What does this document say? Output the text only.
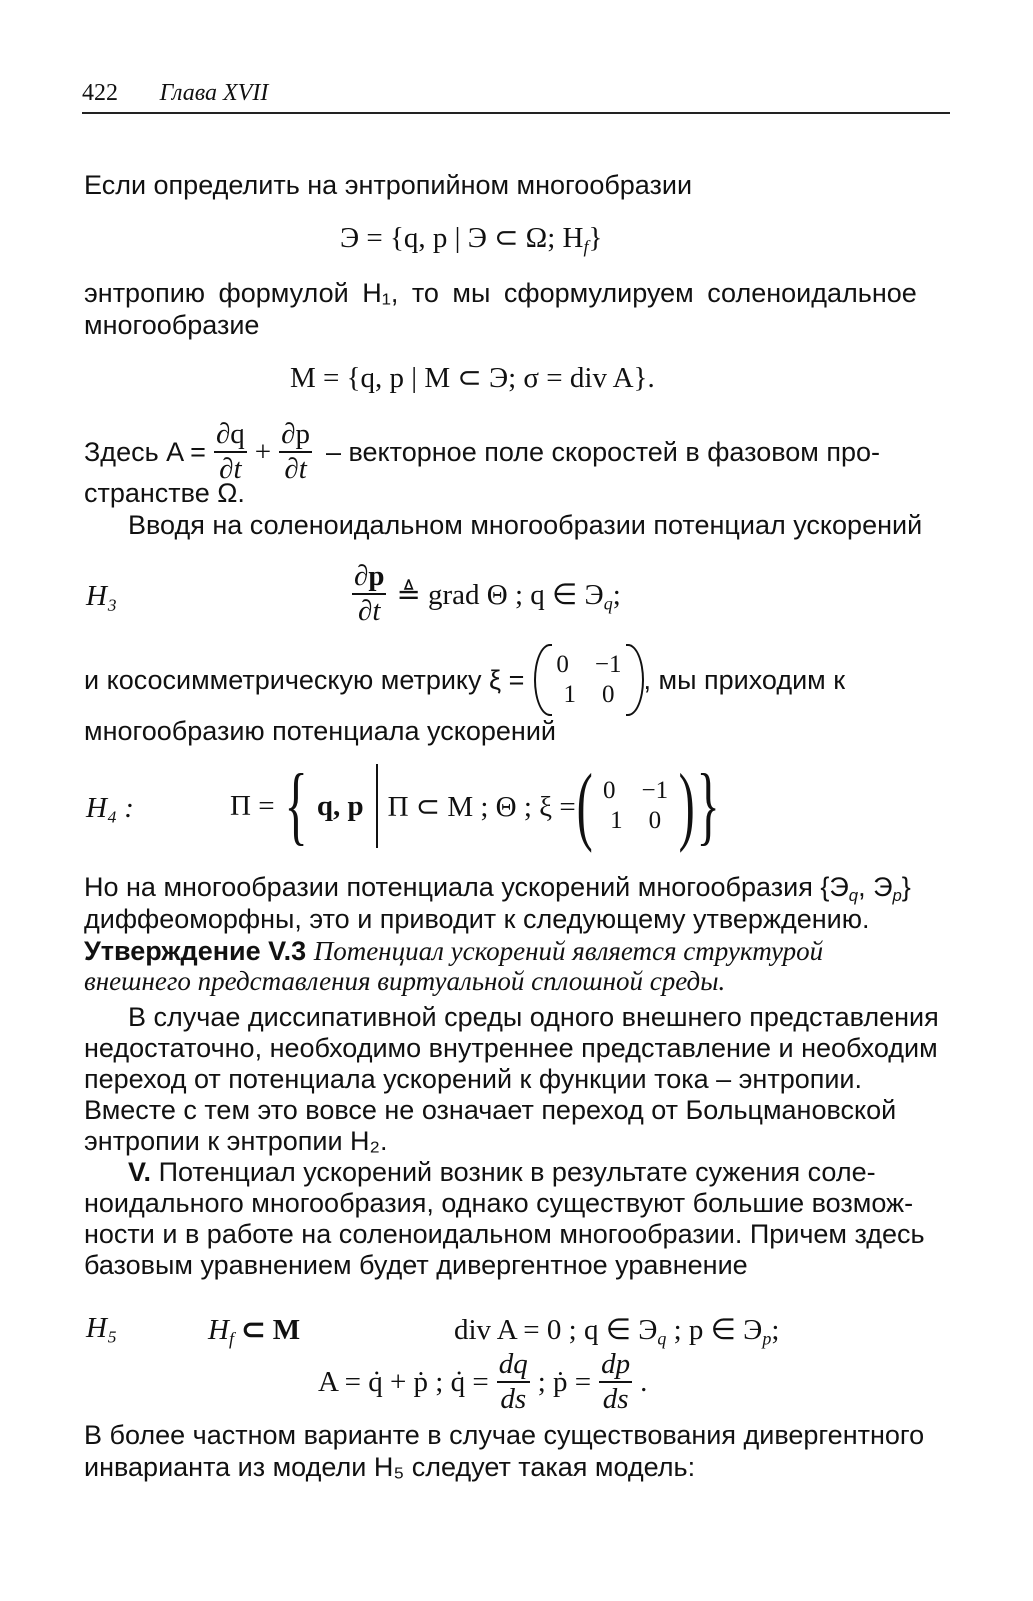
422 Глава XVII
Если определить на энтропийном многообразии
Э = {q, p | Э ⊂ Ω; $H_f$}
энтропию формулой H₁, то мы сформулируем соленоидальное
многообразие
M = {q, p | M ⊂ Э; σ = div A}.
Здесь $A = \frac{\partial q}{\partial t} + \frac{\partial p}{\partial t}$ – векторное поле скоростей в фазовом про-
странстве Ω.
Вводя на соленоидальном многообразии потенциал ускорений
H₃	$\frac{\partial p}{\partial t}$ ≜ grad Θ ; q ∈ $Э_q$;
и кососимметрическую метрику ξ = 0 −1
1 0 , мы приходим к
многообразию потенциала ускорений
H₄ :	Π = { q, p Π ⊂ M ; Θ ; ξ = ( 0 −1
1 0 ) }
Но на многообразии потенциала ускорений многообразия {$Э_q$, $Э_p$}
диффеоморфны, это и приводит к следующему утверждению.
Утверждение V.3 Потенциал ускорений является структурой
внешнего представления виртуальной сплошной среды.
В случае диссипативной среды одного внешнего представления
недостаточно, необходимо внутреннее представление и необходим
переход от потенциала ускорений к функции тока – энтропии.
Вместе с тем это вовсе не означает переход от Больцмановской
энтропии к энтропии H₂.
V. Потенциал ускорений возник в результате сужения соле-
ноидального многообразия, однако существуют большие возмож-
ности и в работе на соленоидальном многообразии. Причем здесь
базовым уравнением будет дивергентное уравнение
H₅	$H_f$ ⊂ M	div A = 0 ; q ∈ $Э_q$ ; p ∈ $Э_p$;
A = q̇ + ṗ ; q̇ = $\frac{dq}{ds}$ ; ṗ = $\frac{dp}{ds}$ .
В более частном варианте в случае существования дивергентного
инварианта из модели H₅ следует такая модель:
